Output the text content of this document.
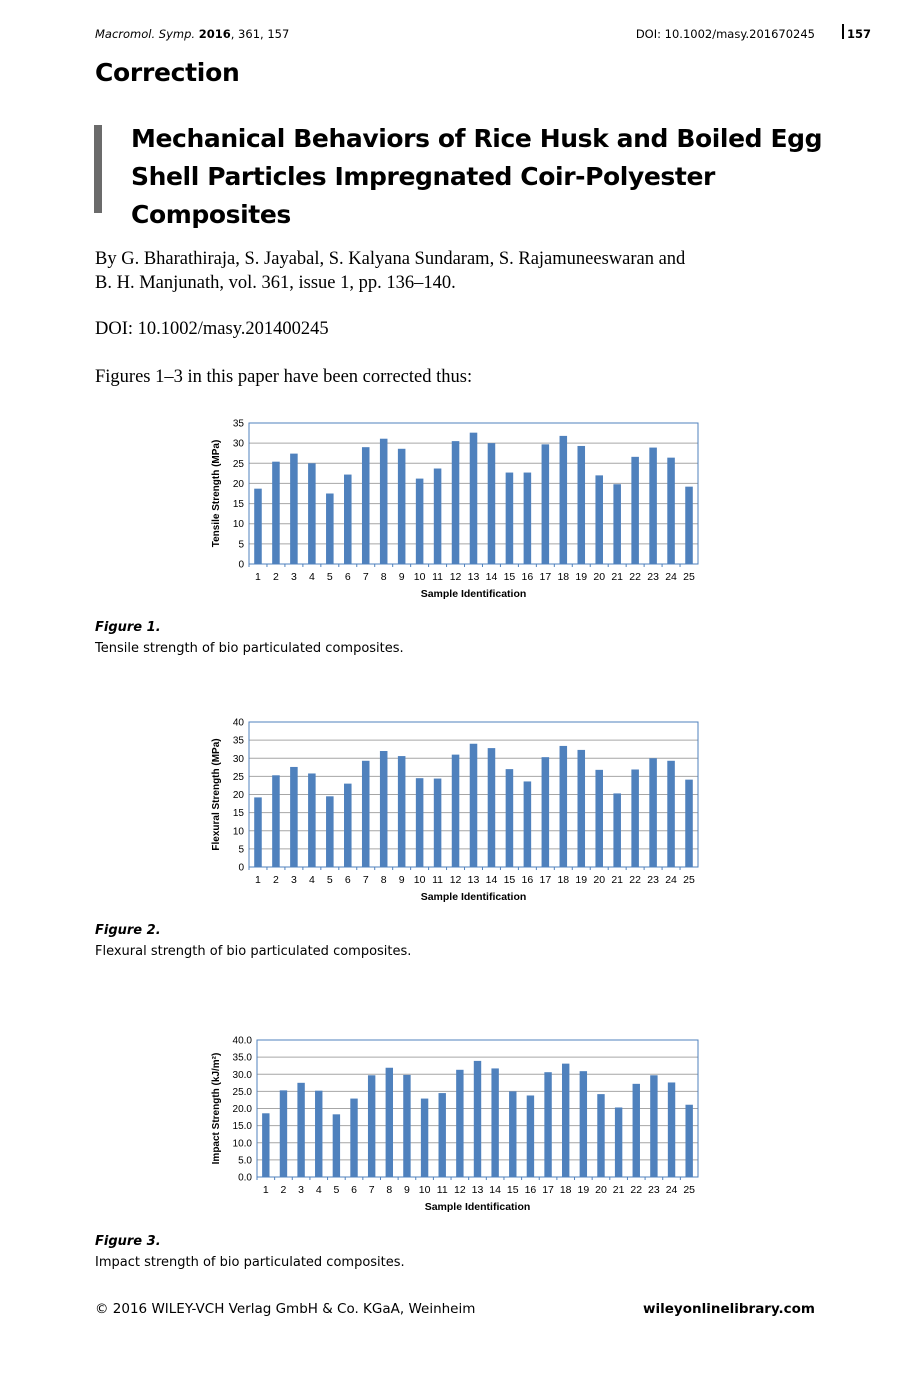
Macromol. Symp. 2016, 361, 157	DOI: 10.1002/masy.201670245	157
Correction
Mechanical Behaviors of Rice Husk and Boiled Egg
Shell Particles Impregnated Coir-Polyester Composites
By G. Bharathiraja, S. Jayabal, S. Kalyana Sundaram, S. Rajamuneeswaran and
B. H. Manjunath, vol. 361, issue 1, pp. 136–140.
DOI: 10.1002/masy.201400245
Figures 1–3 in this paper have been corrected thus:
0
5
10
15
20
25
30
35
1 2 3 4 5 6 7 8 9 10 11 12 13 14 15 16 17 18 19 20 21 22 23 24 25
Sample Identification
Tensile Strength (MPa)
Figure 1.
Tensile strength of bio particulated composites.
0
5
10
15
20
25
30
35
40
1 2 3 4 5 6 7 8 9 10 11 12 13 14 15 16 17 18 19 20 21 22 23 24 25
Sample Identification
Flexural Strength (MPa)
Figure 2.
Flexural strength of bio particulated composites.
0.0
5.0
10.0
15.0
20.0
25.0
30.0
35.0
40.0
1 2 3 4 5 6 7 8 9 10 11 12 13 14 15 16 17 18 19 20 21 22 23 24 25
Sample Identification
Impact Strength (kJ/m²)
Figure 3.
Impact strength of bio particulated composites.
© 2016 WILEY-VCH Verlag GmbH & Co. KGaA, Weinheim	wileyonlinelibrary.com
